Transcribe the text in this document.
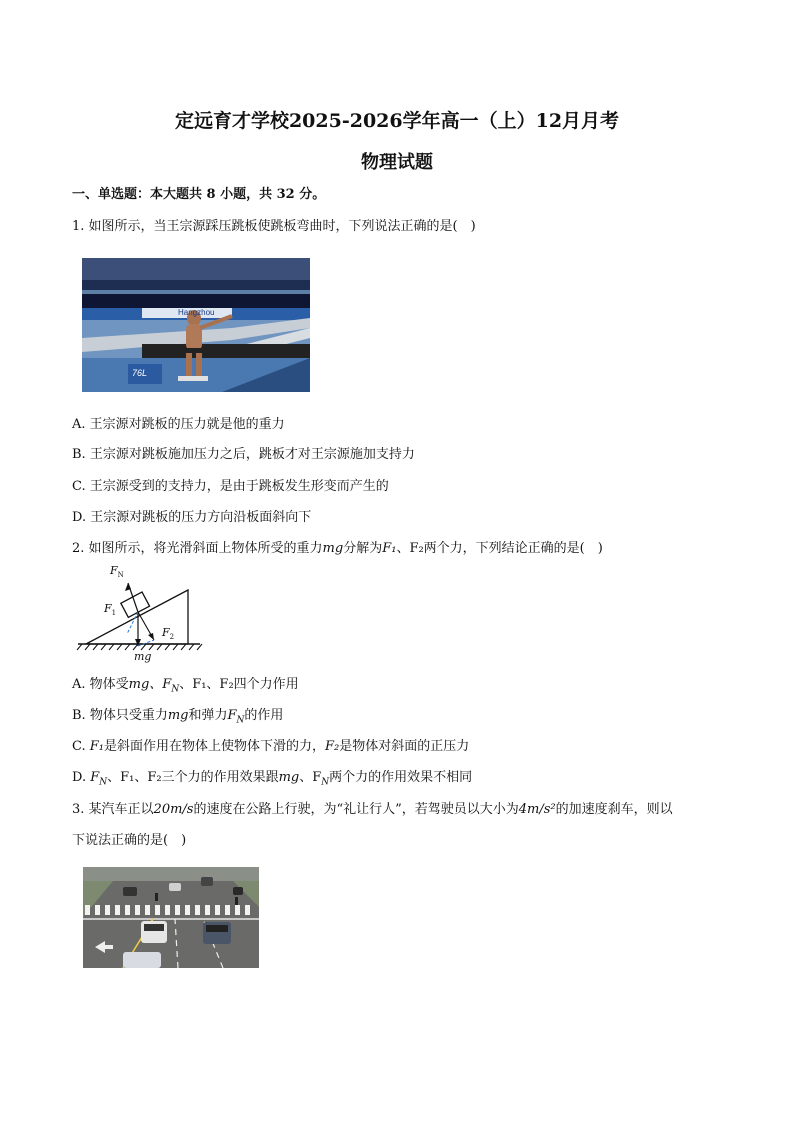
定远育才学校2025-2026学年高一（上）12月月考
物理试题
一、单选题：本大题共 8 小题，共 32 分。
1. 如图所示，当王宗源踩压跳板使跳板弯曲时，下列说法正确的是(　)
Hangzhou
76L
A. 王宗源对跳板的压力就是他的重力
B. 王宗源对跳板施加压力之后，跳板才对王宗源施加支持力
C. 王宗源受到的支持力，是由于跳板发生形变而产生的
D. 王宗源对跳板的压力方向沿板面斜向下
2. 如图所示，将光滑斜面上物体所受的重力mg分解为F₁、F₂两个力，下列结论正确的是(　)
$F_N$
$F_1$
$F_2$
mg
A. 物体受mg、$F_N$、F₁、F₂四个力作用
B. 物体只受重力mg和弹力$F_N$的作用
C. F₁是斜面作用在物体上使物体下滑的力，F₂是物体对斜面的正压力
D. $F_N$、F₁、F₂三个力的作用效果跟mg、$F_N$两个力的作用效果不相同
3. 某汽车正以20m/s的速度在公路上行驶，为“礼让行人”，若驾驶员以大小为4m/s²的加速度刹车，则以
下说法正确的是(　)
